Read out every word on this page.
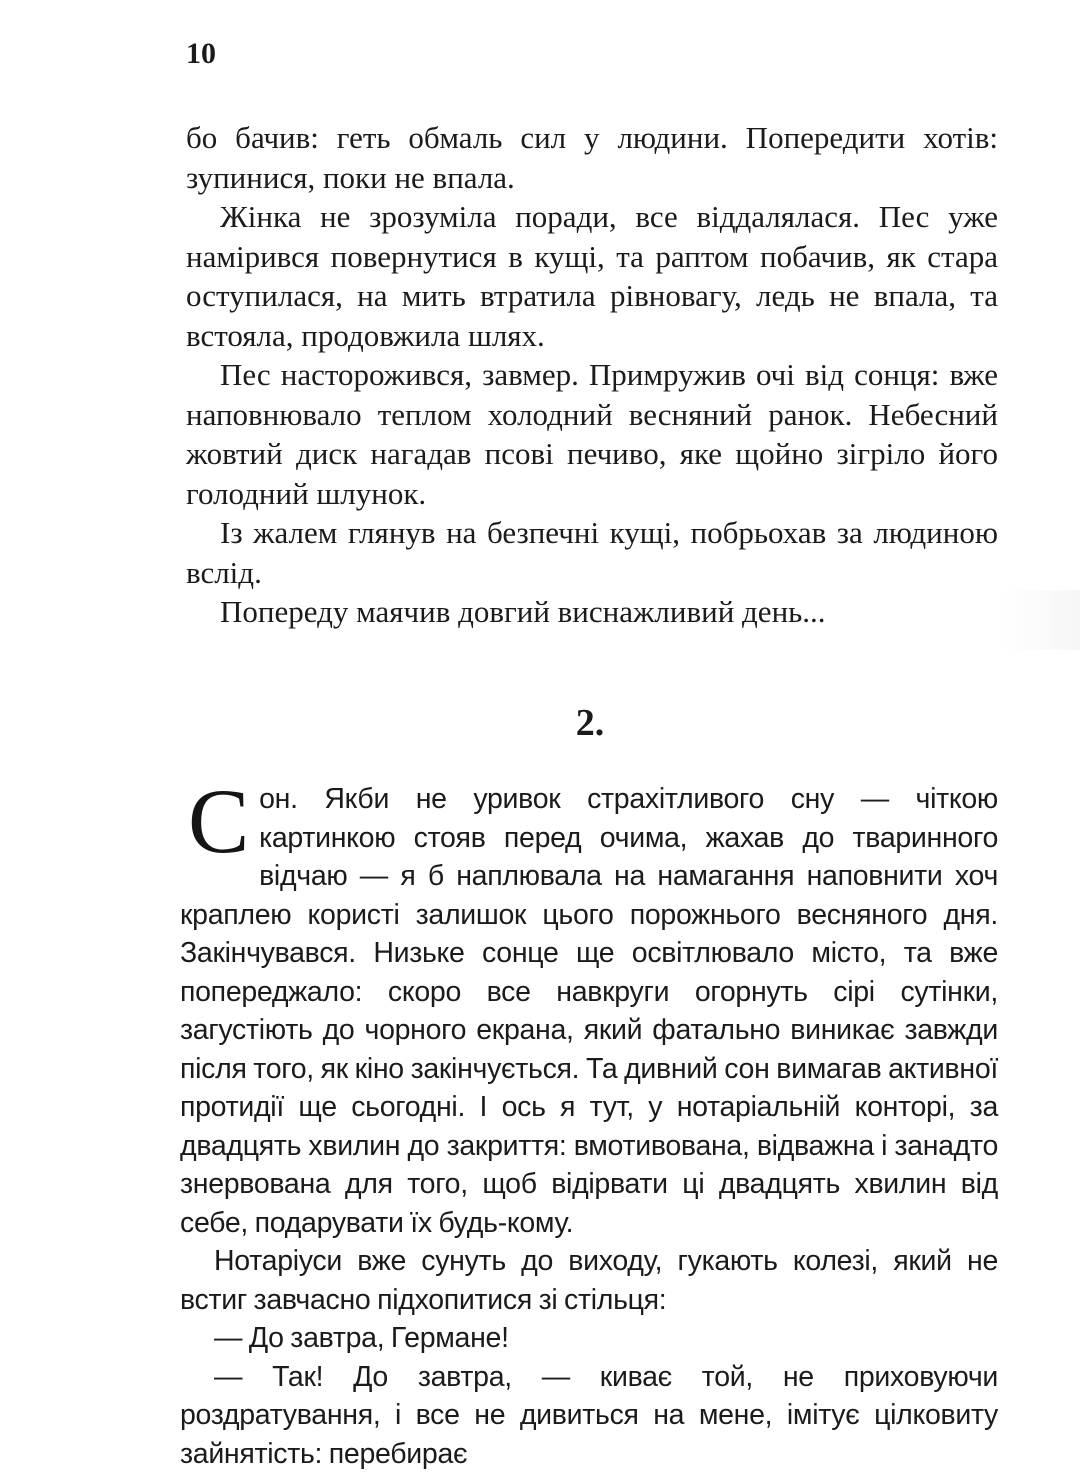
10

бо бачив: геть обмаль сил у людини. Попередити хотів: зупинися, поки не впала.

Жінка не зрозуміла поради, все віддалялася. Пес уже намірився повернутися в кущі, та раптом побачив, як стара оступилася, на мить втратила рівновагу, ледь не впала, та встояла, продовжила шлях.

Пес насторожився, завмер. Примружив очі від сонця: вже наповнювало теплом холодний весняний ранок. Небесний жовтий диск нагадав псові печиво, яке щойно зігріло його голодний шлунок.

Із жалем глянув на безпечні кущі, побрьохав за людиною вслід.

Попереду маячив довгий виснажливий день...

2.

Сон. Якби не уривок страхітливого сну — чіткою картинкою стояв перед очима, жахав до тваринного відчаю — я б наплювала на намагання наповнити хоч краплею користі залишок цього порожнього весняного дня. Закінчувався. Низьке сонце ще освітлювало місто, та вже попереджало: скоро все навкруги огорнуть сірі сутінки, загустіють до чорного екрана, який фатально виникає завжди після того, як кіно закінчується. Та дивний сон вимагав активної протидії ще сьогодні. І ось я тут, у нотаріальній конторі, за двадцять хвилин до закриття: вмотивована, відважна і занадто знервована для того, щоб відірвати ці двадцять хвилин від себе, подарувати їх будь-кому.

Нотаріуси вже сунуть до виходу, гукають колезі, який не встиг завчасно підхопитися зі стільця:

— До завтра, Германе!

— Так! До завтра, — киває той, не приховуючи роздратування, і все не дивиться на мене, імітує цілковиту зайнятість: перебирає
